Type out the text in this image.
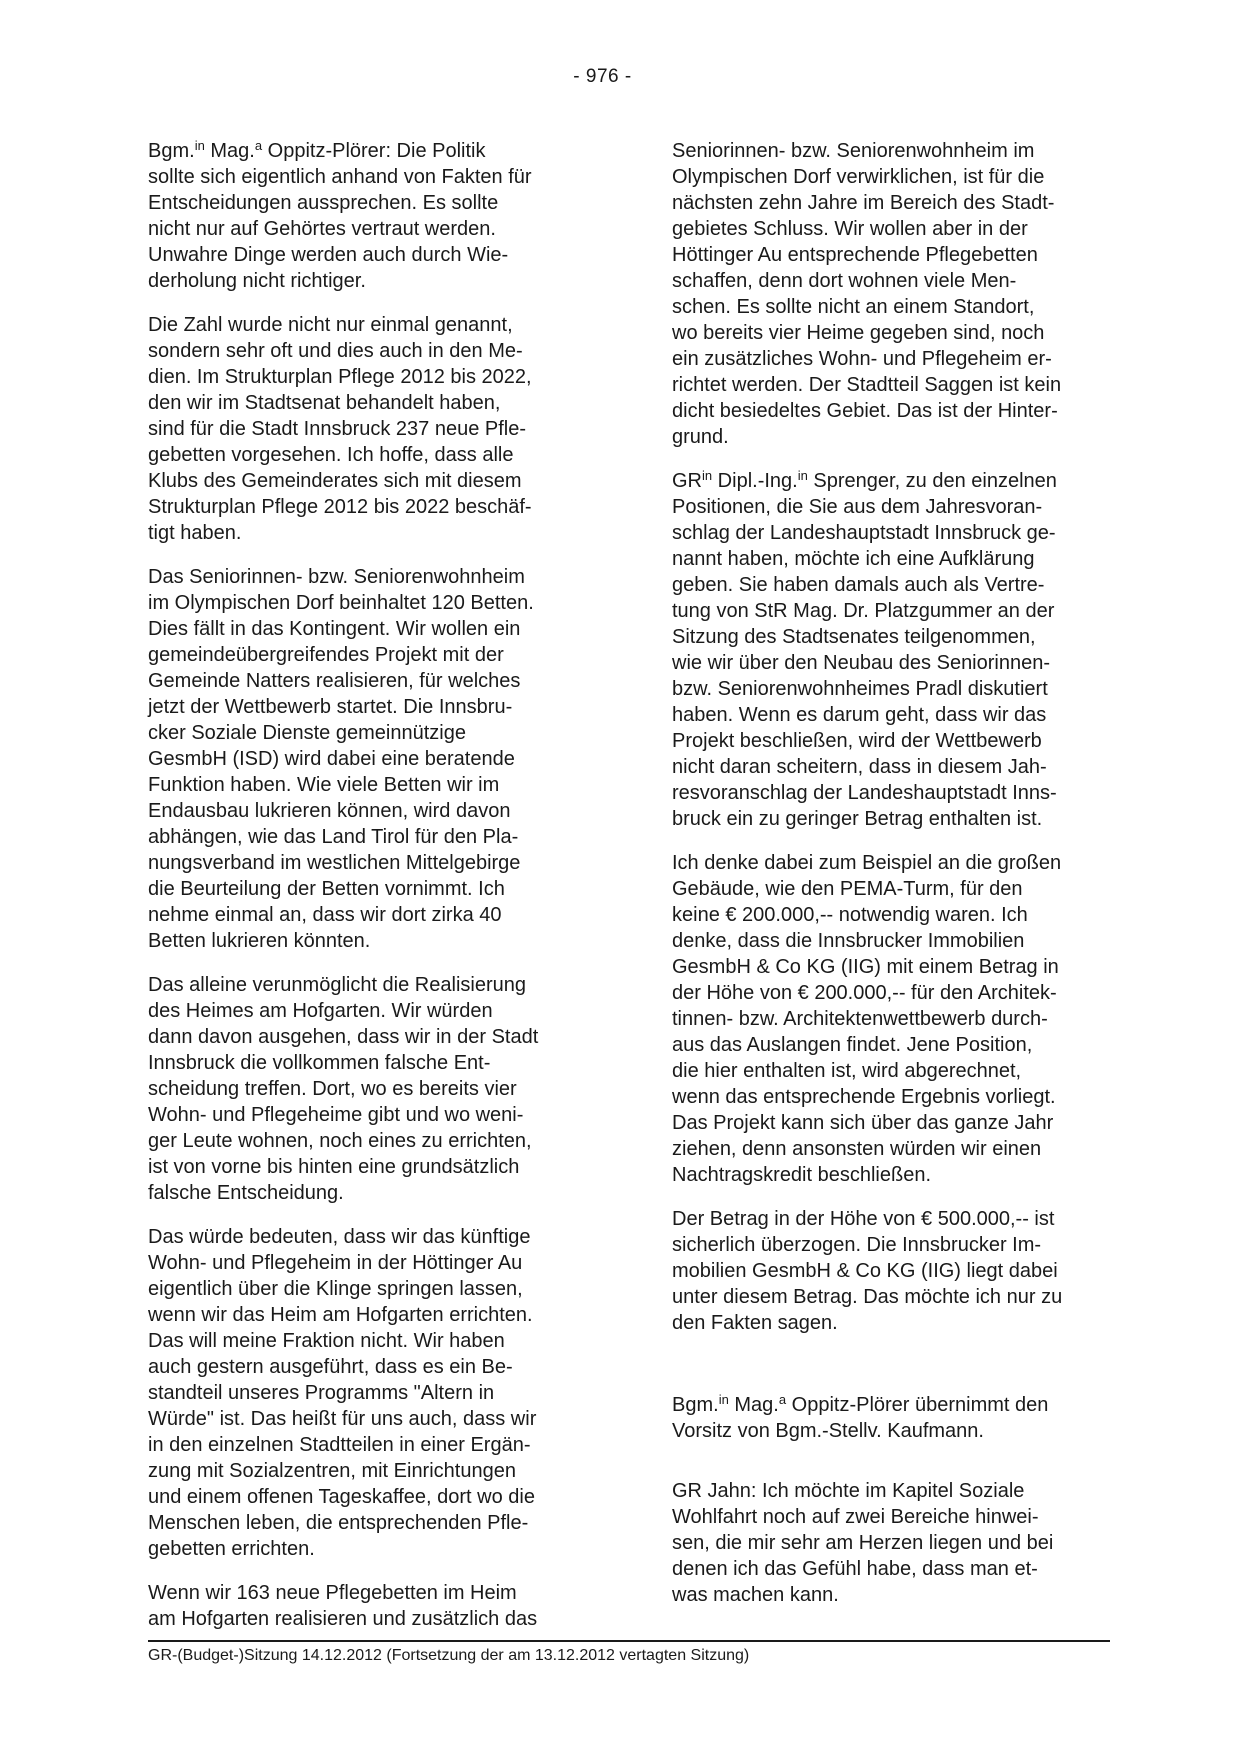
- 976 -

Bgm.$^{in}$ Mag.$^a$ Oppitz-Plörer: Die Politik
sollte sich eigentlich anhand von Fakten für
Entscheidungen aussprechen. Es sollte
nicht nur auf Gehörtes vertraut werden.
Unwahre Dinge werden auch durch Wie-
derholung nicht richtiger.

Die Zahl wurde nicht nur einmal genannt,
sondern sehr oft und dies auch in den Me-
dien. Im Strukturplan Pflege 2012 bis 2022,
den wir im Stadtsenat behandelt haben,
sind für die Stadt Innsbruck 237 neue Pfle-
gebetten vorgesehen. Ich hoffe, dass alle
Klubs des Gemeinderates sich mit diesem
Strukturplan Pflege 2012 bis 2022 beschäf-
tigt haben.

Das Seniorinnen- bzw. Seniorenwohnheim
im Olympischen Dorf beinhaltet 120 Betten.
Dies fällt in das Kontingent. Wir wollen ein
gemeindeübergreifendes Projekt mit der
Gemeinde Natters realisieren, für welches
jetzt der Wettbewerb startet. Die Innsbru-
cker Soziale Dienste gemeinnützige
GesmbH (ISD) wird dabei eine beratende
Funktion haben. Wie viele Betten wir im
Endausbau lukrieren können, wird davon
abhängen, wie das Land Tirol für den Pla-
nungsverband im westlichen Mittelgebirge
die Beurteilung der Betten vornimmt. Ich
nehme einmal an, dass wir dort zirka 40
Betten lukrieren könnten.

Das alleine verunmöglicht die Realisierung
des Heimes am Hofgarten. Wir würden
dann davon ausgehen, dass wir in der Stadt
Innsbruck die vollkommen falsche Ent-
scheidung treffen. Dort, wo es bereits vier
Wohn- und Pflegeheime gibt und wo weni-
ger Leute wohnen, noch eines zu errichten,
ist von vorne bis hinten eine grundsätzlich
falsche Entscheidung.

Das würde bedeuten, dass wir das künftige
Wohn- und Pflegeheim in der Höttinger Au
eigentlich über die Klinge springen lassen,
wenn wir das Heim am Hofgarten errichten.
Das will meine Fraktion nicht. Wir haben
auch gestern ausgeführt, dass es ein Be-
standteil unseres Programms "Altern in
Würde" ist. Das heißt für uns auch, dass wir
in den einzelnen Stadtteilen in einer Ergän-
zung mit Sozialzentren, mit Einrichtungen
und einem offenen Tageskaffee, dort wo die
Menschen leben, die entsprechenden Pfle-
gebetten errichten.

Wenn wir 163 neue Pflegebetten im Heim
am Hofgarten realisieren und zusätzlich das

Seniorinnen- bzw. Seniorenwohnheim im
Olympischen Dorf verwirklichen, ist für die
nächsten zehn Jahre im Bereich des Stadt-
gebietes Schluss. Wir wollen aber in der
Höttinger Au entsprechende Pflegebetten
schaffen, denn dort wohnen viele Men-
schen. Es sollte nicht an einem Standort,
wo bereits vier Heime gegeben sind, noch
ein zusätzliches Wohn- und Pflegeheim er-
richtet werden. Der Stadtteil Saggen ist kein
dicht besiedeltes Gebiet. Das ist der Hinter-
grund.

$GR^{in}$ Dipl.-Ing.$^{in}$ Sprenger, zu den einzelnen
Positionen, die Sie aus dem Jahresvoran-
schlag der Landeshauptstadt Innsbruck ge-
nannt haben, möchte ich eine Aufklärung
geben. Sie haben damals auch als Vertre-
tung von StR Mag. Dr. Platzgummer an der
Sitzung des Stadtsenates teilgenommen,
wie wir über den Neubau des Seniorinnen-
bzw. Seniorenwohnheimes Pradl diskutiert
haben. Wenn es darum geht, dass wir das
Projekt beschließen, wird der Wettbewerb
nicht daran scheitern, dass in diesem Jah-
resvoranschlag der Landeshauptstadt Inns-
bruck ein zu geringer Betrag enthalten ist.

Ich denke dabei zum Beispiel an die großen
Gebäude, wie den PEMA-Turm, für den
keine € 200.000,-- notwendig waren. Ich
denke, dass die Innsbrucker Immobilien
GesmbH & Co KG (IIG) mit einem Betrag in
der Höhe von € 200.000,-- für den Architek-
tinnen- bzw. Architektenwettbewerb durch-
aus das Auslangen findet. Jene Position,
die hier enthalten ist, wird abgerechnet,
wenn das entsprechende Ergebnis vorliegt.
Das Projekt kann sich über das ganze Jahr
ziehen, denn ansonsten würden wir einen
Nachtragskredit beschließen.

Der Betrag in der Höhe von € 500.000,-- ist
sicherlich überzogen. Die Innsbrucker Im-
mobilien GesmbH & Co KG (IIG) liegt dabei
unter diesem Betrag. Das möchte ich nur zu
den Fakten sagen.

Bgm.$^{in}$ Mag.$^a$ Oppitz-Plörer übernimmt den
Vorsitz von Bgm.-Stellv. Kaufmann.

GR Jahn: Ich möchte im Kapitel Soziale
Wohlfahrt noch auf zwei Bereiche hinwei-
sen, die mir sehr am Herzen liegen und bei
denen ich das Gefühl habe, dass man et-
was machen kann.

GR-(Budget-)Sitzung 14.12.2012 (Fortsetzung der am 13.12.2012 vertagten Sitzung)
